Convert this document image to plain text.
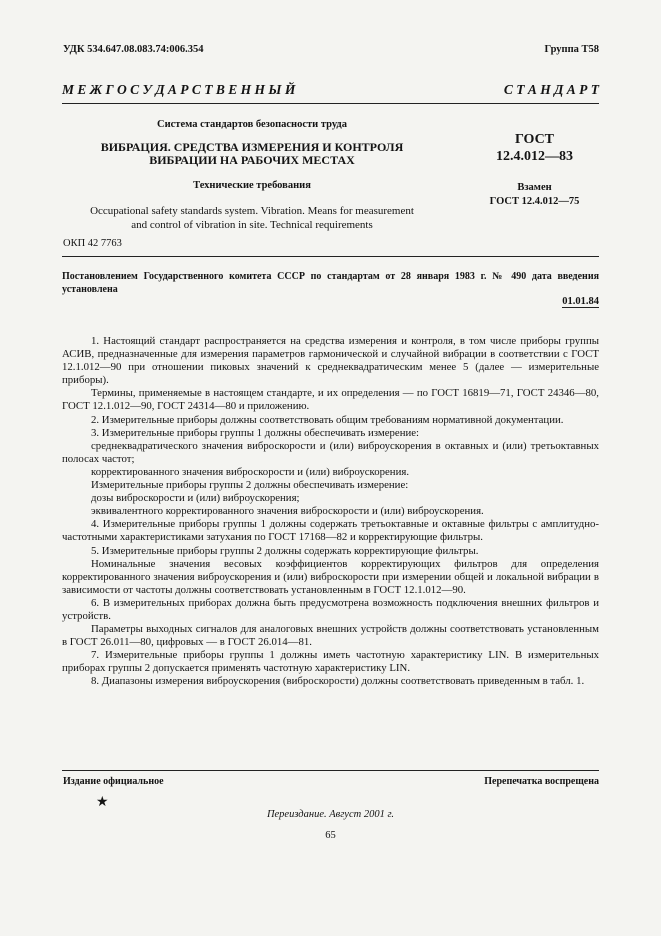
УДК 534.647.08.083.74:006.354	Группа Т58
М Е Ж Г О С У Д А Р С Т В Е Н Н Ы Й	С Т А Н Д А Р Т
Система стандартов безопасности труда
ВИБРАЦИЯ. СРЕДСТВА ИЗМЕРЕНИЯ И КОНТРОЛЯ
ВИБРАЦИИ НА РАБОЧИХ МЕСТАХ
Технические требования
Occupational safety standards system. Vibration. Means for measurement
and control of vibration in site. Technical requirements
ГОСТ
12.4.012—83
Взамен
ГОСТ 12.4.012—75
ОКП 42 7763
Постановлением Государственного комитета СССР по стандартам от 28 января 1983 г. № 490 дата введения установлена
01.01.84

1. Настоящий стандарт распространяется на средства измерения и контроля, в том числе приборы группы АСИВ, предназначенные для измерения параметров гармонической и случайной вибрации в соответствии с ГОСТ 12.1.012—90 при отношении пиковых значений к среднеквадратическим менее 5 (далее — измерительные приборы).

Термины, применяемые в настоящем стандарте, и их определения — по ГОСТ 16819—71, ГОСТ 24346—80, ГОСТ 12.1.012—90, ГОСТ 24314—80 и приложению.

2. Измерительные приборы должны соответствовать общим требованиям нормативной документации.

3. Измерительные приборы группы 1 должны обеспечивать измерение:

среднеквадратического значения виброскорости и (или) виброускорения в октавных и (или) третьоктавных полосах частот;

корректированного значения виброскорости и (или) виброускорения.

Измерительные приборы группы 2 должны обеспечивать измерение:

дозы виброскорости и (или) виброускорения;

эквивалентного корректированного значения виброскорости и (или) виброускорения.

4. Измерительные приборы группы 1 должны содержать третьоктавные и октавные фильтры с амплитудно-частотными характеристиками затухания по ГОСТ 17168—82 и корректирующие фильтры.

5. Измерительные приборы группы 2 должны содержать корректирующие фильтры.

Номинальные значения весовых коэффициентов корректирующих фильтров для определения корректированного значения виброускорения и (или) виброскорости при измерении общей и локальной вибрации в зависимости от частоты должны соответствовать установленным в ГОСТ 12.1.012—90.

6. В измерительных приборах должна быть предусмотрена возможность подключения внешних фильтров и устройств.

Параметры выходных сигналов для аналоговых внешних устройств должны соответствовать установленным в ГОСТ 26.011—80, цифровых — в ГОСТ 26.014—81.

7. Измерительные приборы группы 1 должны иметь частотную характеристику LIN. В измерительных приборах группы 2 допускается применять частотную характеристику LIN.

8. Диапазоны измерения виброускорения (виброскорости) должны соответствовать приведенным в табл. 1.

Издание официальное	Перепечатка воспрещена
★
Переиздание. Август 2001 г.
65
